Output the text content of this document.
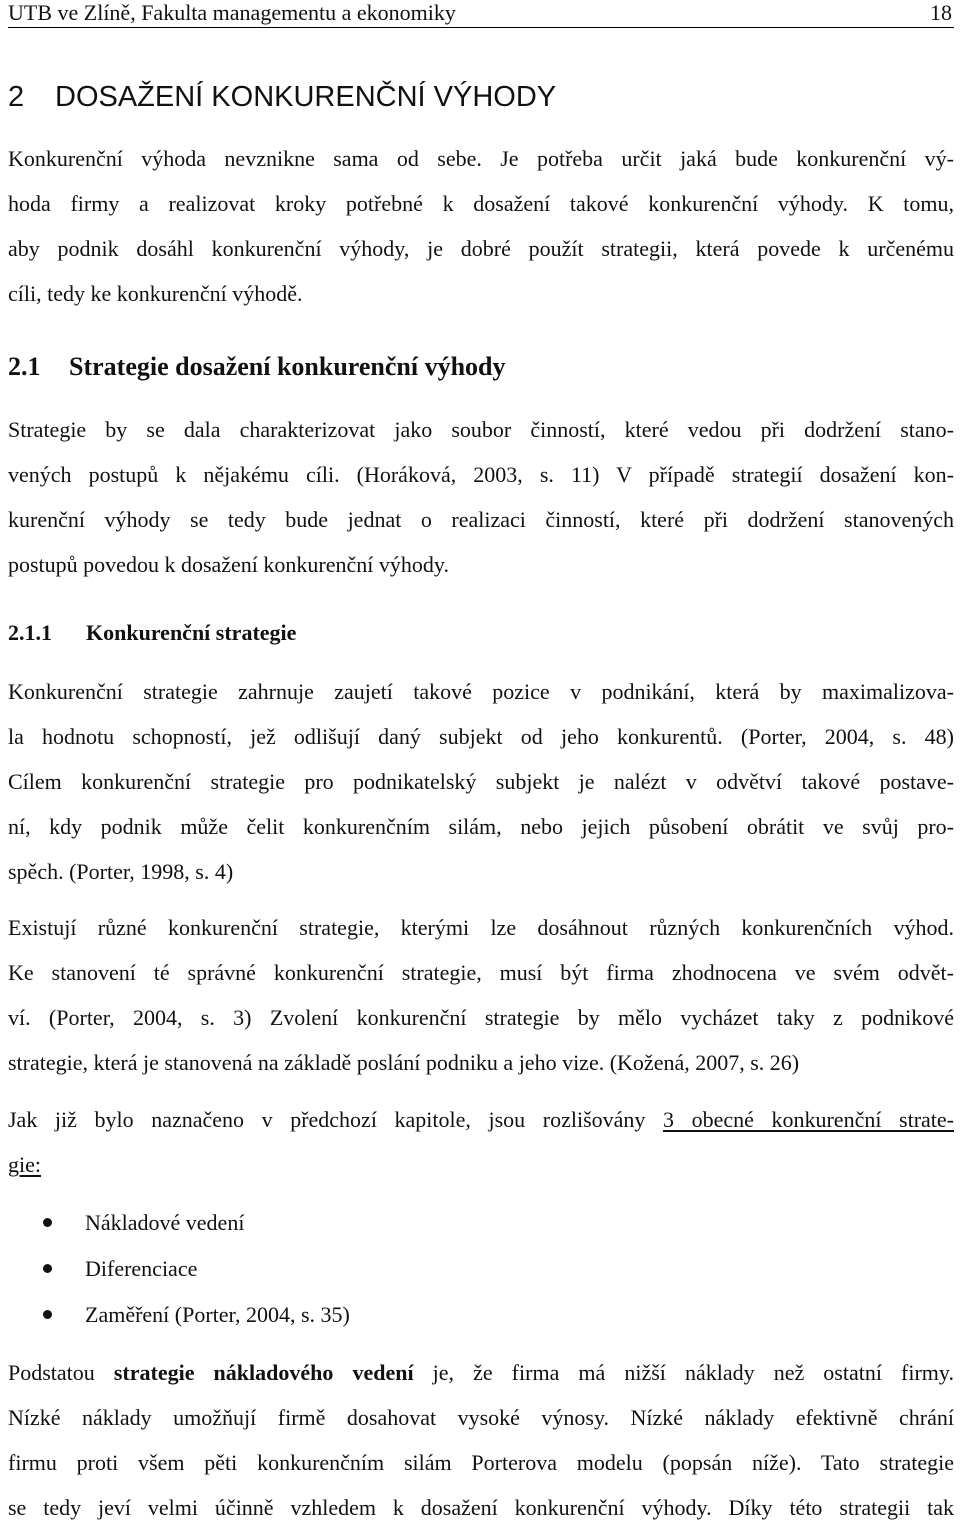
UTB ve Zlíně, Fakulta managementu a ekonomiky	18
2 DOSAŽENÍ KONKURENČNÍ VÝHODY
Konkurenční výhoda nevznikne sama od sebe. Je potřeba určit jaká bude konkurenční vý-
hoda firmy a realizovat kroky potřebné k dosažení takové konkurenční výhody. K tomu,
aby podnik dosáhl konkurenční výhody, je dobré použít strategii, která povede k určenému
cíli, tedy ke konkurenční výhodě.
2.1 Strategie dosažení konkurenční výhody
Strategie by se dala charakterizovat jako soubor činností, které vedou při dodržení stano-
vených postupů k nějakému cíli. (Horáková, 2003, s. 11) V případě strategií dosažení kon-
kurenční výhody se tedy bude jednat o realizaci činností, které při dodržení stanovených
postupů povedou k dosažení konkurenční výhody.
2.1.1 Konkurenční strategie
Konkurenční strategie zahrnuje zaujetí takové pozice v podnikání, která by maximalizova-
la hodnotu schopností, jež odlišují daný subjekt od jeho konkurentů. (Porter, 2004, s. 48)
Cílem konkurenční strategie pro podnikatelský subjekt je nalézt v odvětví takové postave-
ní, kdy podnik může čelit konkurenčním silám, nebo jejich působení obrátit ve svůj pro-
spěch. (Porter, 1998, s. 4)
Existují různé konkurenční strategie, kterými lze dosáhnout různých konkurenčních výhod.
Ke stanovení té správné konkurenční strategie, musí být firma zhodnocena ve svém odvět-
ví. (Porter, 2004, s. 3) Zvolení konkurenční strategie by mělo vycházet taky z podnikové
strategie, která je stanovená na základě poslání podniku a jeho vize. (Kožená, 2007, s. 26)
Jak již bylo naznačeno v předchozí kapitole, jsou rozlišovány 3 obecné konkurenční strate-
gie:
Nákladové vedení
Diferenciace
Zaměření (Porter, 2004, s. 35)
Podstatou strategie nákladového vedení je, že firma má nižší náklady než ostatní firmy.
Nízké náklady umožňují firmě dosahovat vysoké výnosy. Nízké náklady efektivně chrání
firmu proti všem pěti konkurenčním silám Porterova modelu (popsán níže). Tato strategie
se tedy jeví velmi účinně vzhledem k dosažení konkurenční výhody. Díky této strategii tak
